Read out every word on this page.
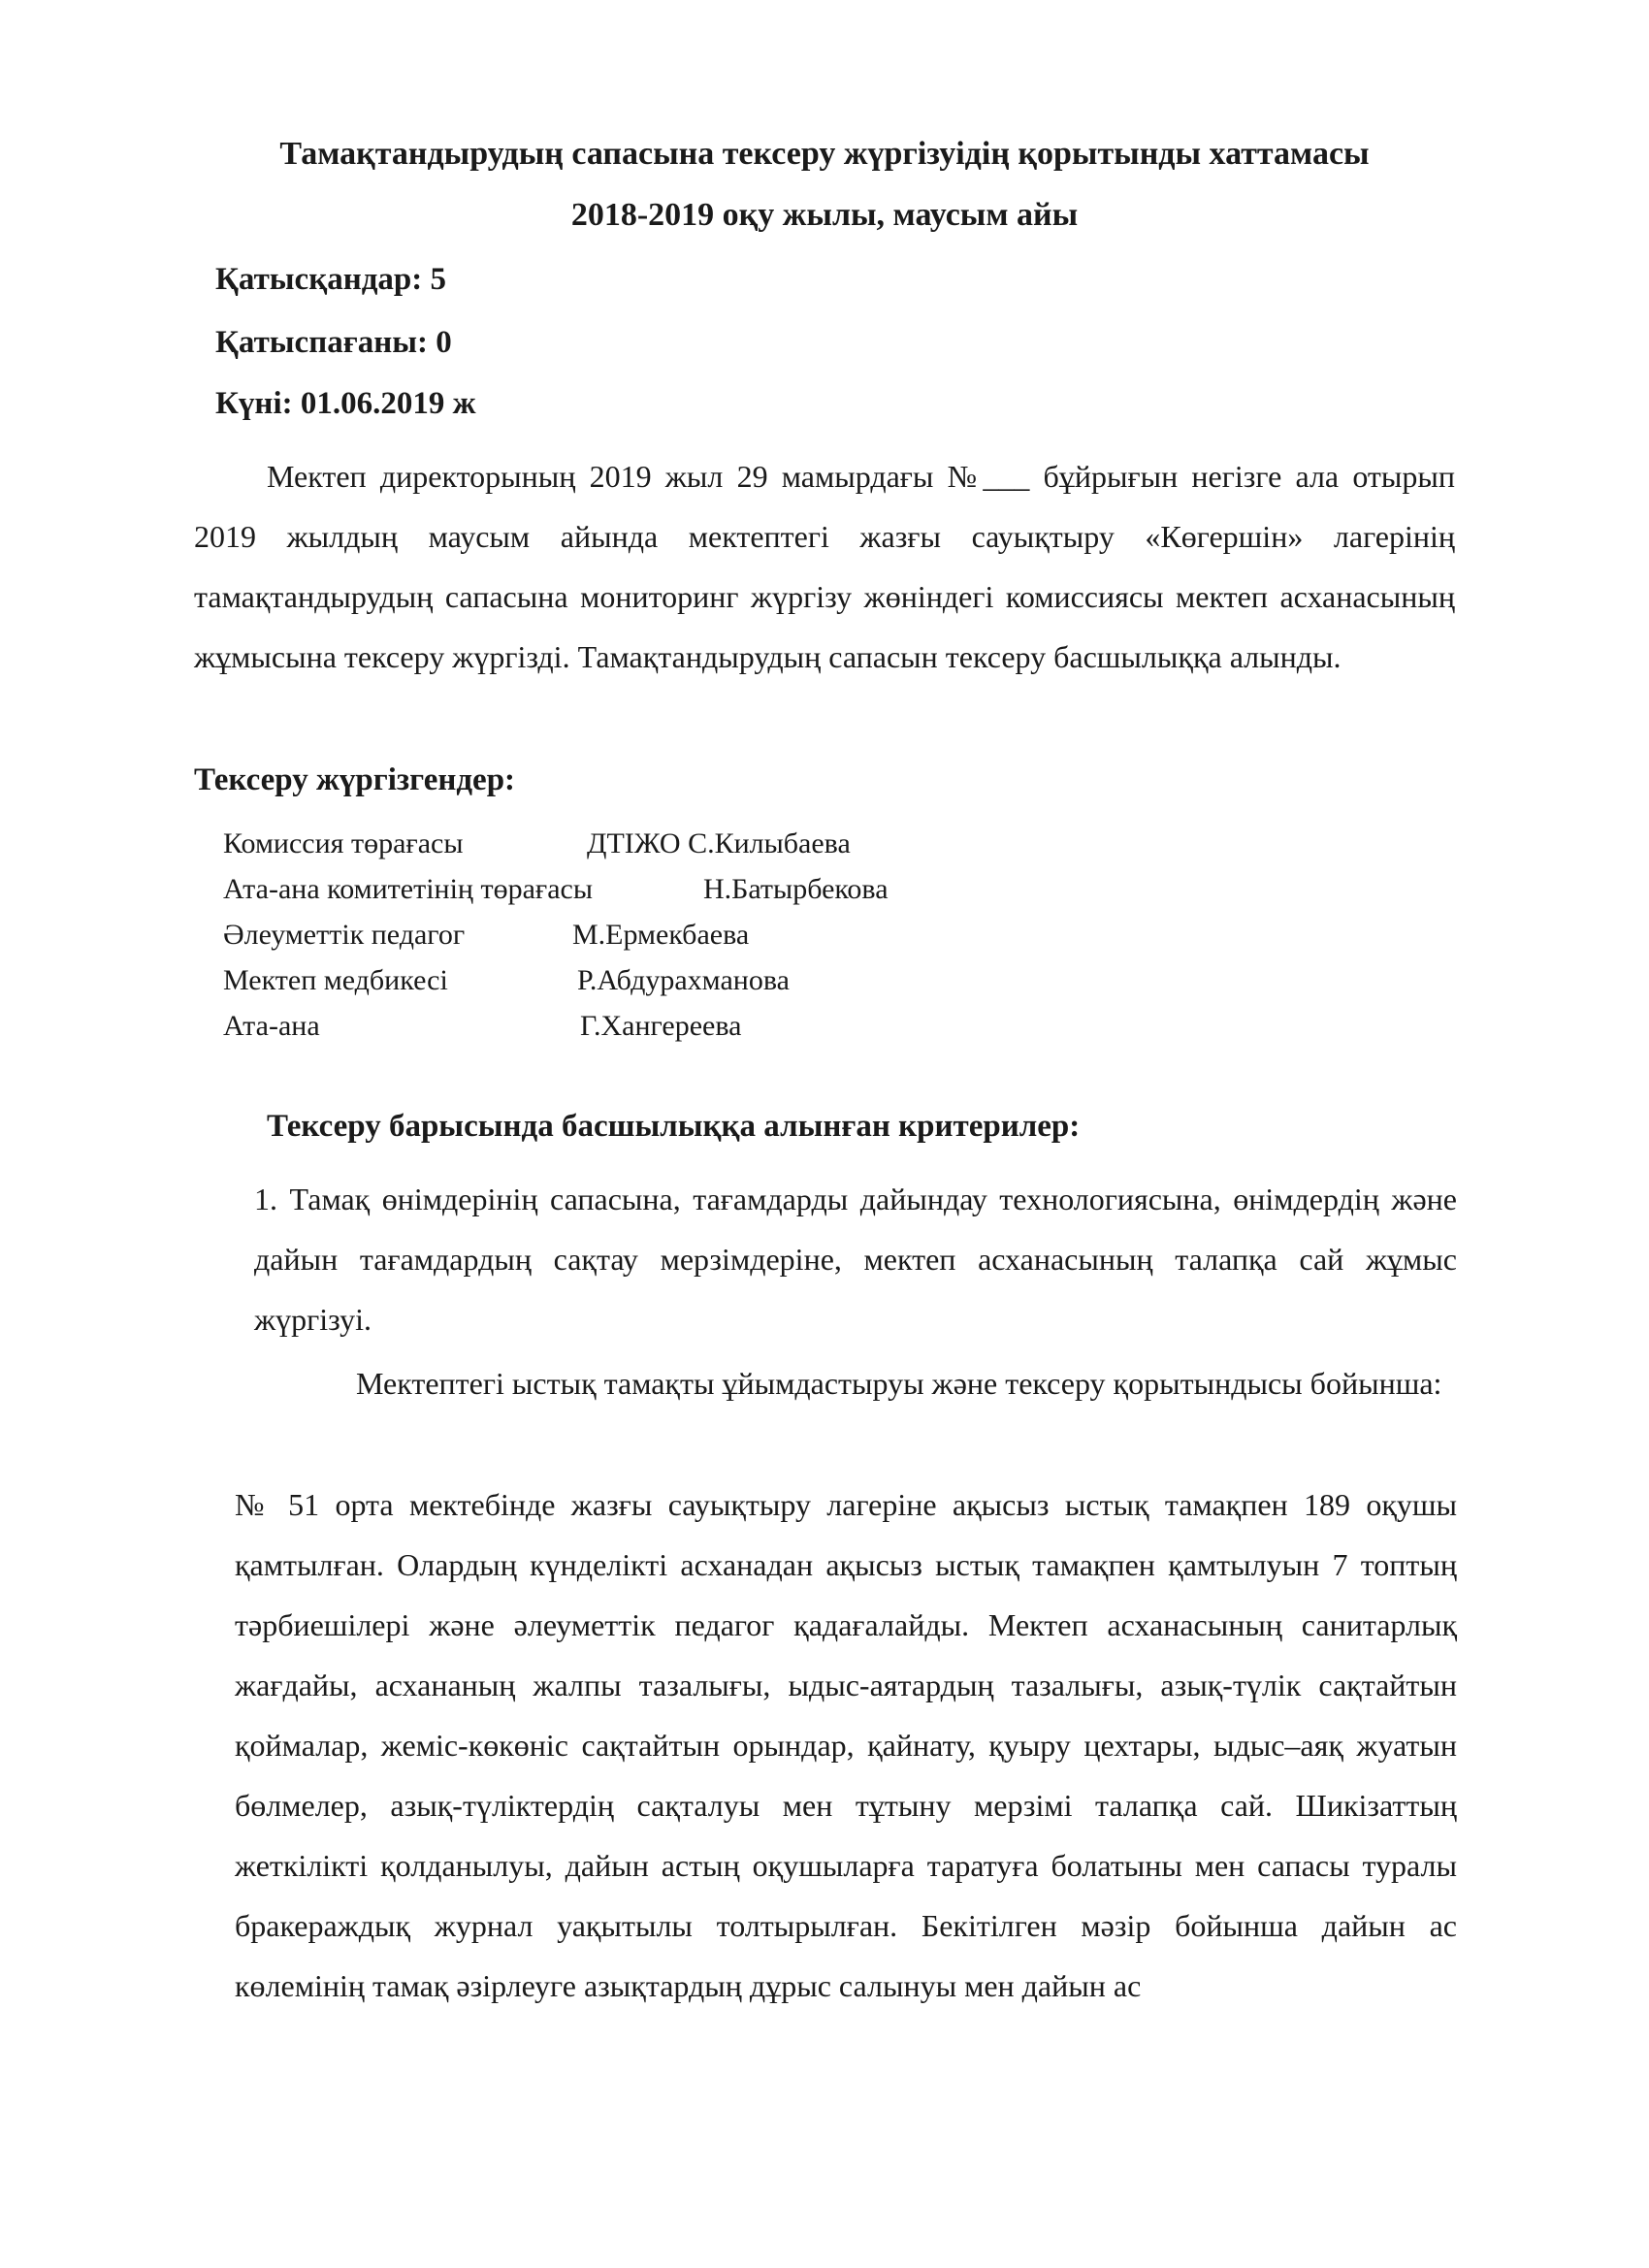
Тамақтандырудың сапасына тексеру жүргізуідің қорытынды хаттамасы
2018-2019 оқу жылы, маусым айы
Қатысқандар: 5
Қатыспағаны: 0
Күні: 01.06.2019 ж
Мектеп директорының 2019 жыл 29 мамырдағы №___ бұйрығын негізге ала отырып 2019 жылдың маусым айында мектептегі жазғы сауықтыру «Көгершін» лагерінің тамақтандырудың сапасына мониторинг жүргізу жөніндегі комиссиясы мектеп асханасының жұмысына тексеру жүргізді. Тамақтандырудың сапасын тексеру басшылыққа алынды.
Тексеру жүргізгендер:
Комиссия төрағасы	ДТІЖО С.Килыбаева
Ата-ана комитетінің төрағасы	Н.Батырбекова
Әлеуметтік педагог	М.Ермекбаева
Мектеп медбикесі	Р.Абдурахманова
Ата-ана	Г.Хангереева
Тексеру барысында басшылыққа алынған критерилер:
1. Тамақ өнімдерінің сапасына, тағамдарды дайындау технологиясына, өнімдердің және дайын тағамдардың сақтау мерзімдеріне, мектеп асханасының талапқа сай жұмыс жүргізуі.
Мектептегі ыстық тамақты ұйымдастыруы және тексеру қорытындысы бойынша:
№ 51 орта мектебінде жазғы сауықтыру лагеріне ақысыз ыстық тамақпен 189 оқушы қамтылған. Олардың күнделікті асханадан ақысыз ыстық тамақпен қамтылуын 7 топтың тәрбиешілері және әлеуметтік педагог қадағалайды. Мектеп асханасының санитарлық жағдайы, асхананың жалпы тазалығы, ыдыс-аятардың тазалығы, азық-түлік сақтайтын қоймалар, жеміс-көкөніс сақтайтын орындар, қайнату, қуыру цехтары, ыдыс–аяқ жуатын бөлмелер, азық-түліктердің сақталуы мен тұтыну мерзімі талапқа сай. Шикізаттың жеткілікті қолданылуы, дайын астың оқушыларға таратуға болатыны мен сапасы туралы бракераждық журнал уақытылы толтырылған. Бекітілген мәзір бойынша дайын ас көлемінің тамақ әзірлеуге азықтардың дұрыс салынуы мен дайын ас
